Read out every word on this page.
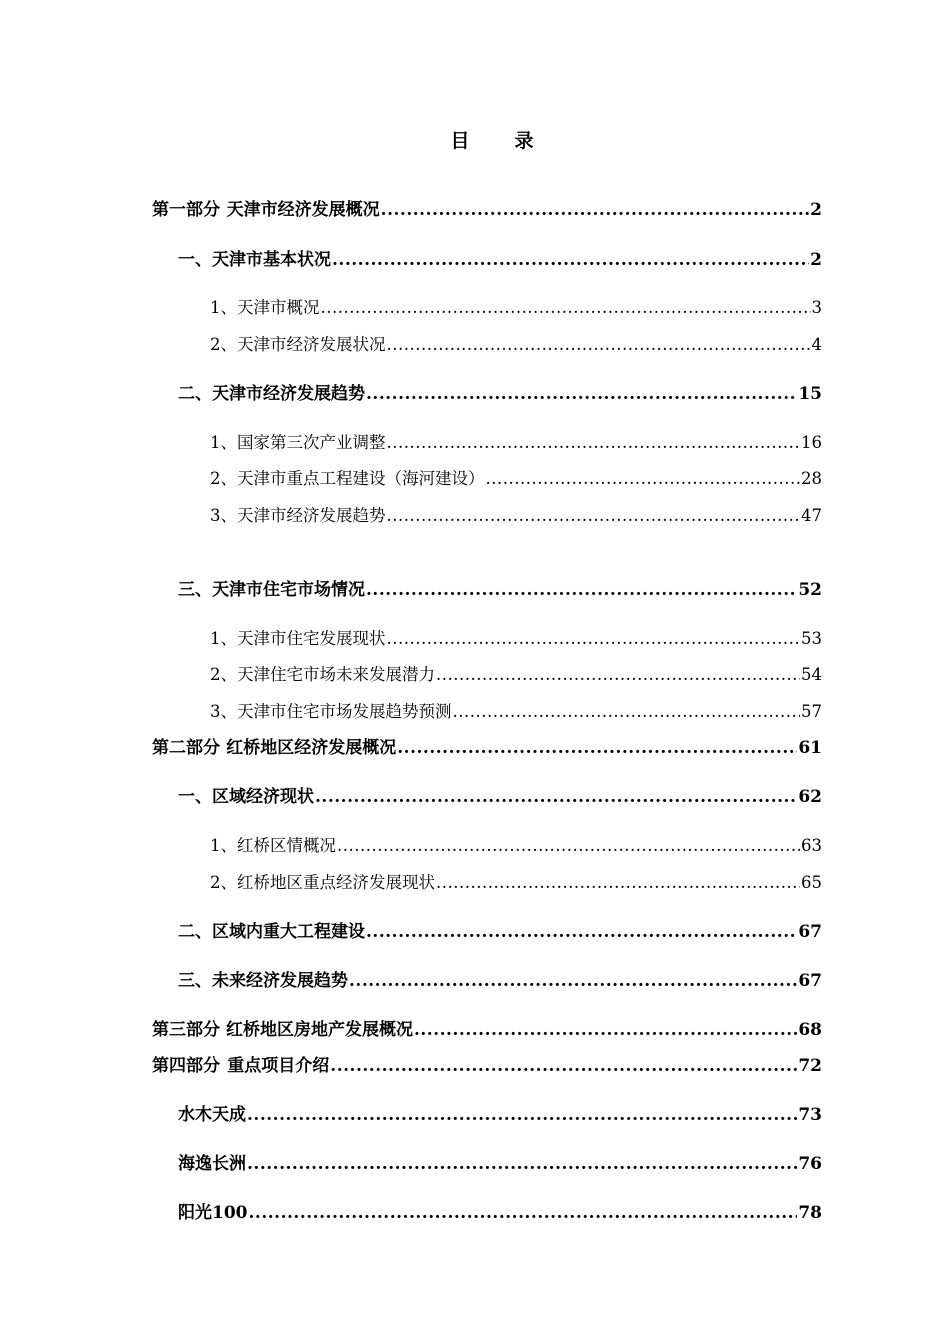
目 录
第一部分 天津市经济发展概况 .....	2
一、 天津市基本状况 .....	2
1、 天津市概况 .....	3
2、 天津市经济发展状况 .....	4
二、 天津市经济发展趋势 .....	15
1、 国家第三次产业调整 .....	16
2、 天津市重点工程建设（海河建设） .....	28
3、 天津市经济发展趋势 .....	47
三、 天津市住宅市场情况 .....	52
1、 天津市住宅发展现状 .....	53
2、 天津住宅市场未来发展潜力 .....	54
3、 天津市住宅市场发展趋势预测 .....	57
第二部分 红桥地区经济发展概况 .....	61
一、 区域经济现状 .....	62
1、 红桥区情概况 .....	63
2、 红桥地区重点经济发展现状 .....	65
二、 区域内重大工程建设 .....	67
三、 未来经济发展趋势 .....	67
第三部分 红桥地区房地产发展概况 .....	68
第四部分 重点项目介绍 .....	72
水木天成 .....	73
海逸长洲 .....	76
阳光100 .....	78
